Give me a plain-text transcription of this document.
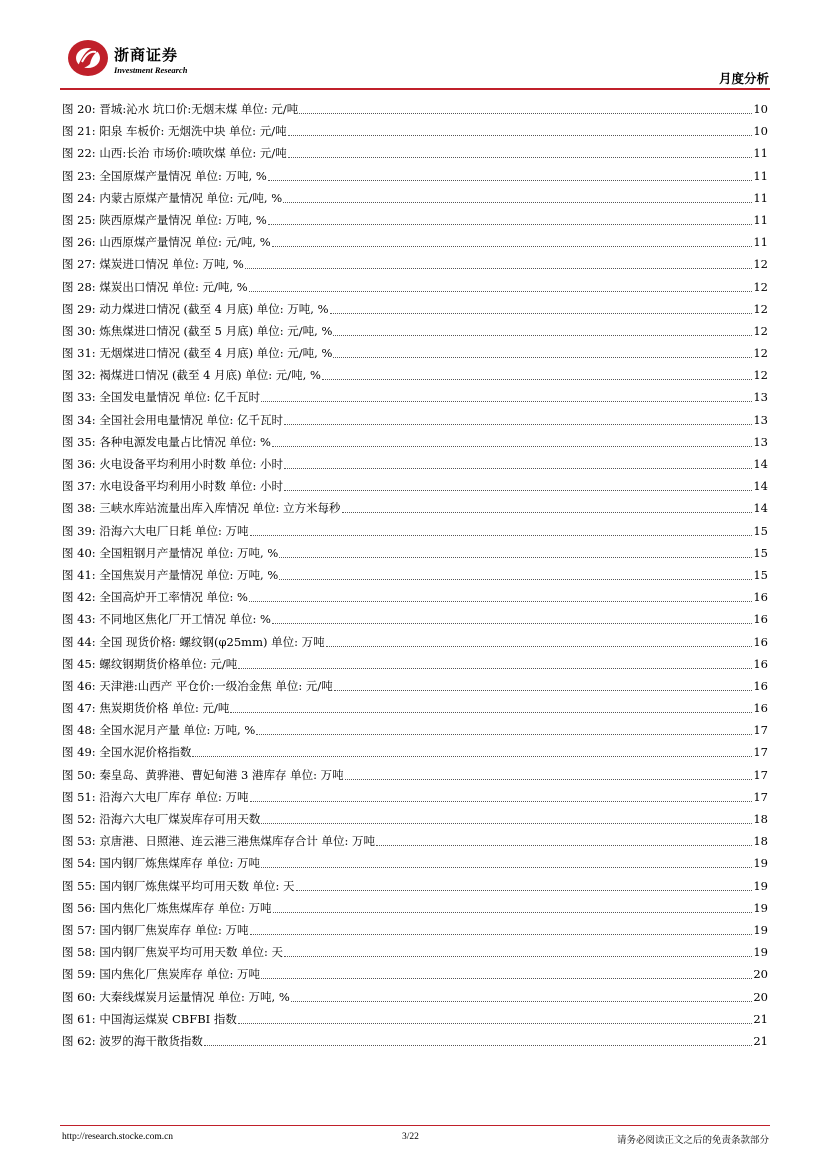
浙商证券
Investment Research
月度分析
图 20: 晋城:沁水 坑口价:无烟末煤 单位: 元/吨	10
图 21: 阳泉 车板价: 无烟洗中块 单位: 元/吨	10
图 22: 山西:长治 市场价:喷吹煤 单位: 元/吨	11
图 23: 全国原煤产量情况 单位: 万吨, %	11
图 24: 内蒙古原煤产量情况 单位: 元/吨, %	11
图 25: 陕西原煤产量情况 单位: 万吨, %	11
图 26: 山西原煤产量情况 单位: 元/吨, %	11
图 27: 煤炭进口情况 单位: 万吨, %	12
图 28: 煤炭出口情况 单位: 元/吨, %	12
图 29: 动力煤进口情况 (截至 4 月底) 单位: 万吨, %	12
图 30: 炼焦煤进口情况 (截至 5 月底) 单位: 元/吨, %	12
图 31: 无烟煤进口情况 (截至 4 月底) 单位: 元/吨, %	12
图 32: 褐煤进口情况 (截至 4 月底) 单位: 元/吨, %	12
图 33: 全国发电量情况 单位: 亿千瓦时	13
图 34: 全国社会用电量情况 单位: 亿千瓦时	13
图 35: 各种电源发电量占比情况 单位: %	13
图 36: 火电设备平均利用小时数 单位: 小时	14
图 37: 水电设备平均利用小时数 单位: 小时	14
图 38: 三峡水库站流量出库入库情况 单位: 立方米每秒	14
图 39: 沿海六大电厂日耗 单位: 万吨	15
图 40: 全国粗钢月产量情况 单位: 万吨, %	15
图 41: 全国焦炭月产量情况 单位: 万吨, %	15
图 42: 全国高炉开工率情况 单位: %	16
图 43: 不同地区焦化厂开工情况 单位: %	16
图 44: 全国 现货价格: 螺纹钢(φ25mm) 单位: 万吨	16
图 45: 螺纹钢期货价格单位: 元/吨	16
图 46: 天津港:山西产 平仓价:一级冶金焦 单位: 元/吨	16
图 47: 焦炭期货价格 单位: 元/吨	16
图 48: 全国水泥月产量 单位: 万吨, %	17
图 49: 全国水泥价格指数	17
图 50: 秦皇岛、黄骅港、曹妃甸港 3 港库存 单位: 万吨	17
图 51: 沿海六大电厂库存 单位: 万吨	17
图 52: 沿海六大电厂煤炭库存可用天数	18
图 53: 京唐港、日照港、连云港三港焦煤库存合计 单位: 万吨	18
图 54: 国内钢厂炼焦煤库存 单位: 万吨	19
图 55: 国内钢厂炼焦煤平均可用天数 单位: 天	19
图 56: 国内焦化厂炼焦煤库存 单位: 万吨	19
图 57: 国内钢厂焦炭库存 单位: 万吨	19
图 58: 国内钢厂焦炭平均可用天数 单位: 天	19
图 59: 国内焦化厂焦炭库存 单位: 万吨	20
图 60: 大秦线煤炭月运量情况 单位: 万吨, %	20
图 61: 中国海运煤炭 CBFBI 指数	21
图 62: 波罗的海干散货指数	21
http://research.stocke.com.cn	3/22	请务必阅读正文之后的免责条款部分
